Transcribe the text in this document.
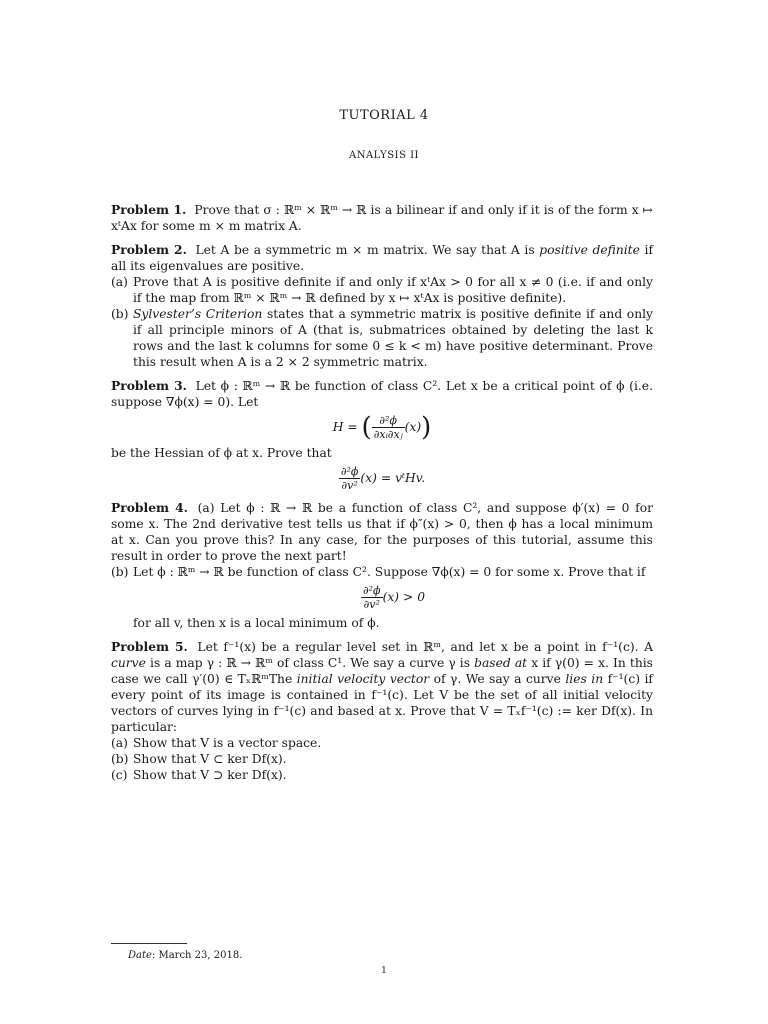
TUTORIAL 4
ANALYSIS II

Problem 1. Prove that σ : ℝᵐ × ℝᵐ → ℝ is a bilinear if and only if it is of the form x ↦ xᵗAx for some m × m matrix A.

Problem 2. Let A be a symmetric m × m matrix. We say that A is positive definite if all its eigenvalues are positive.
(a) Prove that A is positive definite if and only if xᵗAx > 0 for all x ≠ 0 (i.e. if and only if the map from ℝᵐ × ℝᵐ → ℝ defined by x ↦ xᵗAx is positive definite).
(b) Sylvester’s Criterion states that a symmetric matrix is positive definite if and only if all principle minors of A (that is, submatrices obtained by deleting the last k rows and the last k columns for some 0 ≤ k < m) have positive determinant. Prove this result when A is a 2 × 2 symmetric matrix.
Problem 3. Let ϕ : ℝᵐ → ℝ be function of class C². Let x be a critical point of ϕ (i.e. suppose ∇ϕ(x) = 0). Let
H = ( $\frac{\text{∂²ϕ}}{\text{∂xᵢ∂xⱼ}} (x)$)
be the Hessian of ϕ at x. Prove that
$\frac{\text{∂²ϕ}}{\text{∂v²}} (x)$ = vᵗHv.
Problem 4. (a) Let ϕ : ℝ → ℝ be a function of class C², and suppose ϕ′(x) = 0 for some x. The 2nd derivative test tells us that if ϕ″(x) > 0, then ϕ has a local minimum at x. Can you prove this? In any case, for the purposes of this tutorial, assume this result in order to prove the next part!
(b) Let ϕ : ℝᵐ → ℝ be function of class C². Suppose ∇ϕ(x) = 0 for some x. Prove that if
$\frac{\text{∂²ϕ}}{\text{∂v²}} (x) > 0$
for all v, then x is a local minimum of ϕ.
Problem 5. Let f⁻¹(x) be a regular level set in ℝᵐ, and let x be a point in f⁻¹(c). A curve is a map γ : ℝ → ℝᵐ of class C¹. We say a curve γ is based at x if γ(0) = x. In this case we call γ′(0) ∈ TₓℝᵐThe initial velocity vector of γ. We say a curve lies in f⁻¹(c) if every point of its image is contained in f⁻¹(c). Let V be the set of all initial velocity vectors of curves lying in f⁻¹(c) and based at x. Prove that V = Tₓf⁻¹(c) := ker Df(x). In particular:
(a) Show that V is a vector space.
(b) Show that V ⊂ ker Df(x).
(c) Show that V ⊃ ker Df(x).
Date: March 23, 2018.
1
